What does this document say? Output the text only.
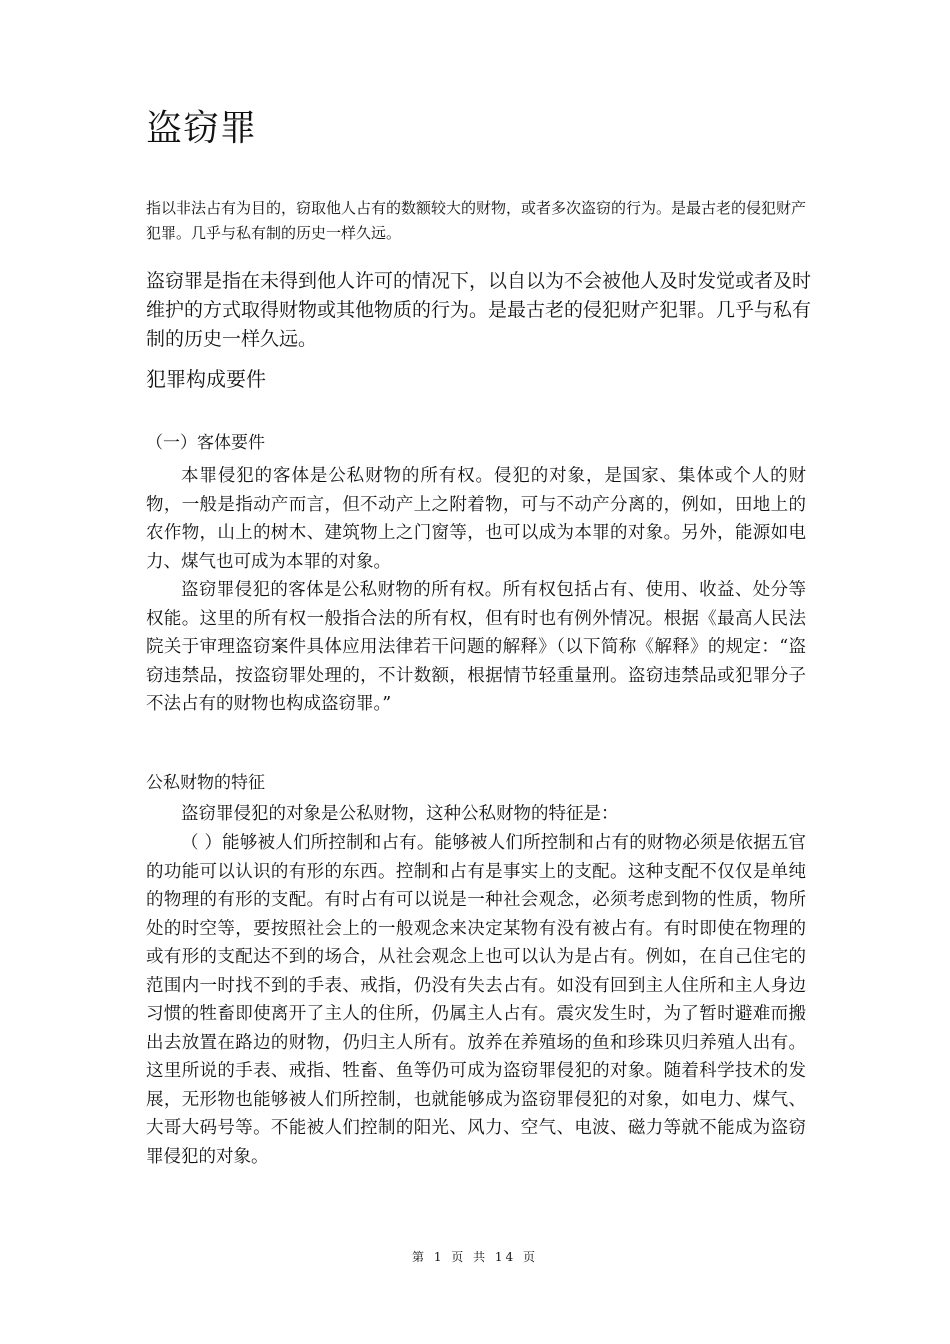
盗窃罪
指以非法占有为目的，窃取他人占有的数额较大的财物，或者多次盗窃的行为。是最古老的侵犯财产犯罪。几乎与私有制的历史一样久远。
盗窃罪是指在未得到他人许可的情况下，以自以为不会被他人及时发觉或者及时维护的方式取得财物或其他物质的行为。是最古老的侵犯财产犯罪。几乎与私有制的历史一样久远。
犯罪构成要件
（一）客体要件
本罪侵犯的客体是公私财物的所有权。侵犯的对象，是国家、集体或个人的财物，一般是指动产而言，但不动产上之附着物，可与不动产分离的，例如，田地上的农作物，山上的树木、建筑物上之门窗等，也可以成为本罪的对象。另外，能源如电力、煤气也可成为本罪的对象。
盗窃罪侵犯的客体是公私财物的所有权。所有权包括占有、使用、收益、处分等权能。这里的所有权一般指合法的所有权，但有时也有例外情况。根据《最高人民法院关于审理盗窃案件具体应用法律若干问题的解释》（以下简称《解释》的规定：“盗窃违禁品，按盗窃罪处理的，不计数额，根据情节轻重量刑。盗窃违禁品或犯罪分子不法占有的财物也构成盗窃罪。”
公私财物的特征
盗窃罪侵犯的对象是公私财物，这种公私财物的特征是：
（ ）能够被人们所控制和占有。能够被人们所控制和占有的财物必须是依据五官的功能可以认识的有形的东西。控制和占有是事实上的支配。这种支配不仅仅是单纯的物理的有形的支配。有时占有可以说是一种社会观念，必须考虑到物的性质，物所处的时空等，要按照社会上的一般观念来决定某物有没有被占有。有时即使在物理的或有形的支配达不到的场合，从社会观念上也可以认为是占有。例如，在自己住宅的范围内一时找不到的手表、戒指，仍没有失去占有。如没有回到主人住所和主人身边习惯的牲畜即使离开了主人的住所，仍属主人占有。震灾发生时，为了暂时避难而搬出去放置在路边的财物，仍归主人所有。放养在养殖场的鱼和珍珠贝归养殖人出有。这里所说的手表、戒指、牲畜、鱼等仍可成为盗窃罪侵犯的对象。随着科学技术的发展，无形物也能够被人们所控制，也就能够成为盗窃罪侵犯的对象，如电力、煤气、大哥大码号等。不能被人们控制的阳光、风力、空气、电波、磁力等就不能成为盗窃罪侵犯的对象。
第 1 页 共 14 页
